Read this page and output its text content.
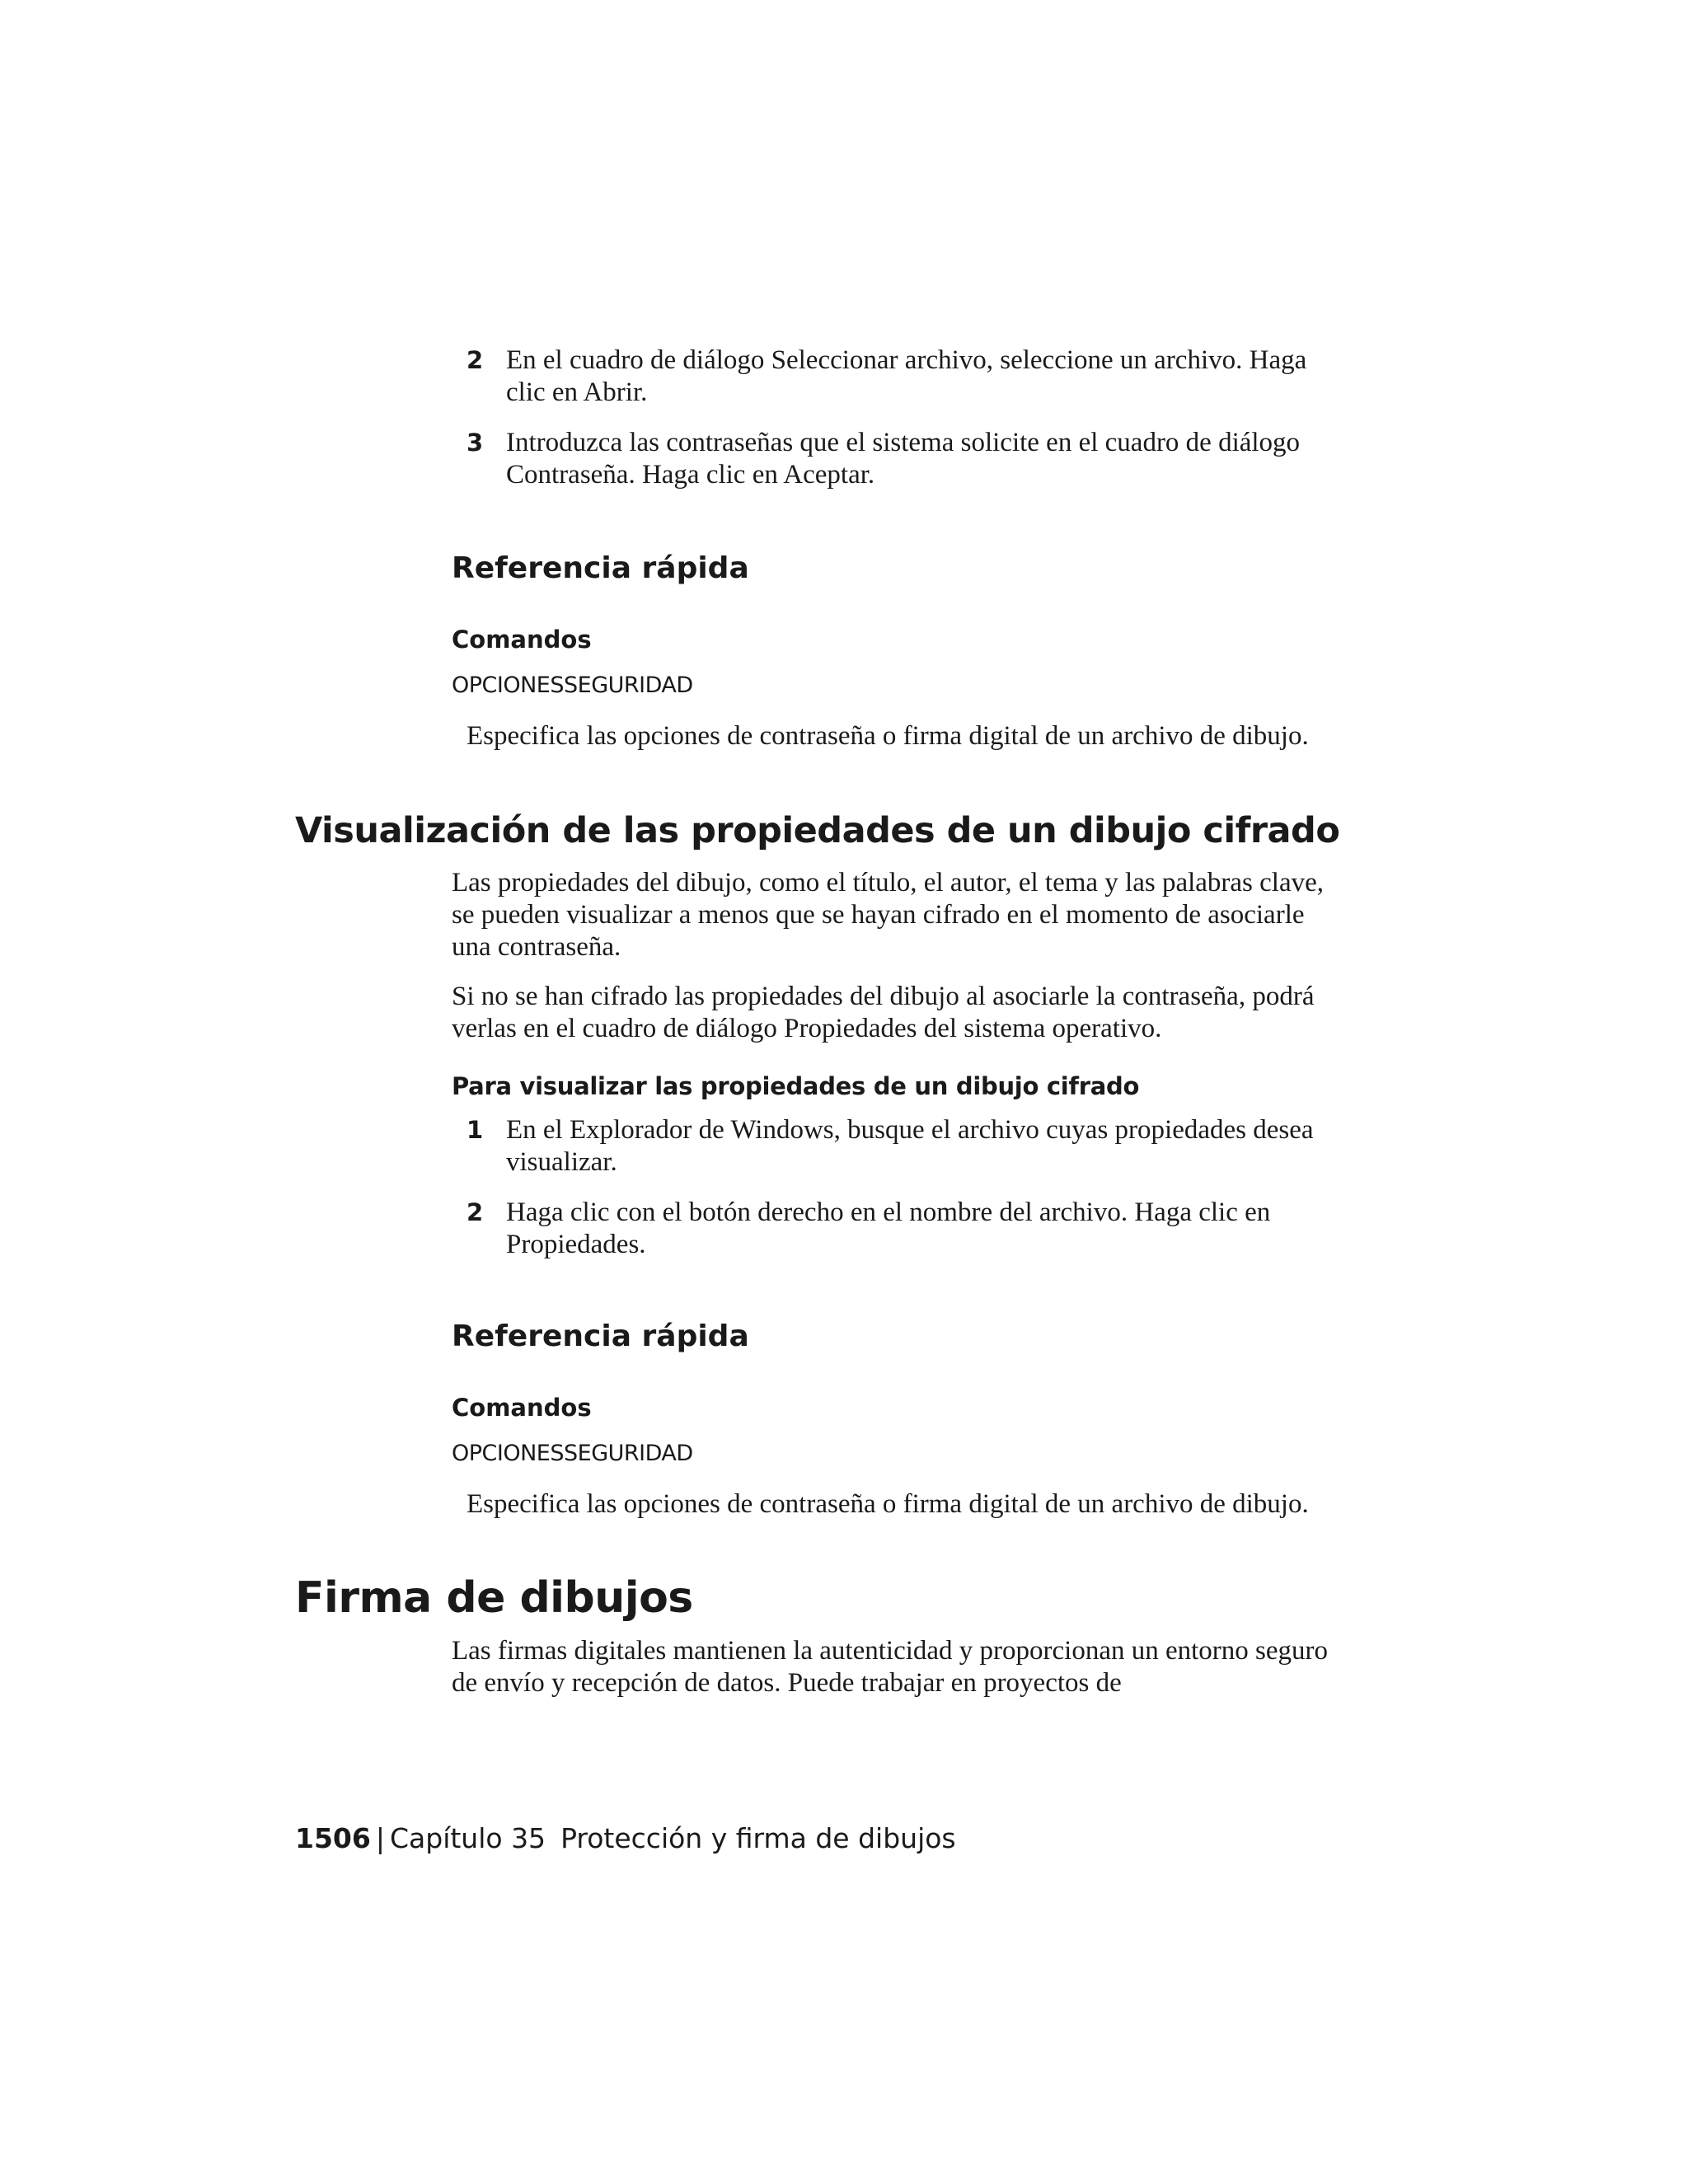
2 En el cuadro de diálogo Seleccionar archivo, seleccione un archivo. Haga clic en Abrir.
3 Introduzca las contraseñas que el sistema solicite en el cuadro de diálogo Contraseña. Haga clic en Aceptar.
Referencia rápida
Comandos
OPCIONESSEGURIDAD
Especifica las opciones de contraseña o firma digital de un archivo de dibujo.
Visualización de las propiedades de un dibujo cifrado
Las propiedades del dibujo, como el título, el autor, el tema y las palabras clave, se pueden visualizar a menos que se hayan cifrado en el momento de asociarle una contraseña.
Si no se han cifrado las propiedades del dibujo al asociarle la contraseña, podrá verlas en el cuadro de diálogo Propiedades del sistema operativo.
Para visualizar las propiedades de un dibujo cifrado
1 En el Explorador de Windows, busque el archivo cuyas propiedades desea visualizar.
2 Haga clic con el botón derecho en el nombre del archivo. Haga clic en Propiedades.
Referencia rápida
Comandos
OPCIONESSEGURIDAD
Especifica las opciones de contraseña o firma digital de un archivo de dibujo.
Firma de dibujos
Las firmas digitales mantienen la autenticidad y proporcionan un entorno seguro de envío y recepción de datos. Puede trabajar en proyectos de
1506 | Capítulo 35 Protección y firma de dibujos
